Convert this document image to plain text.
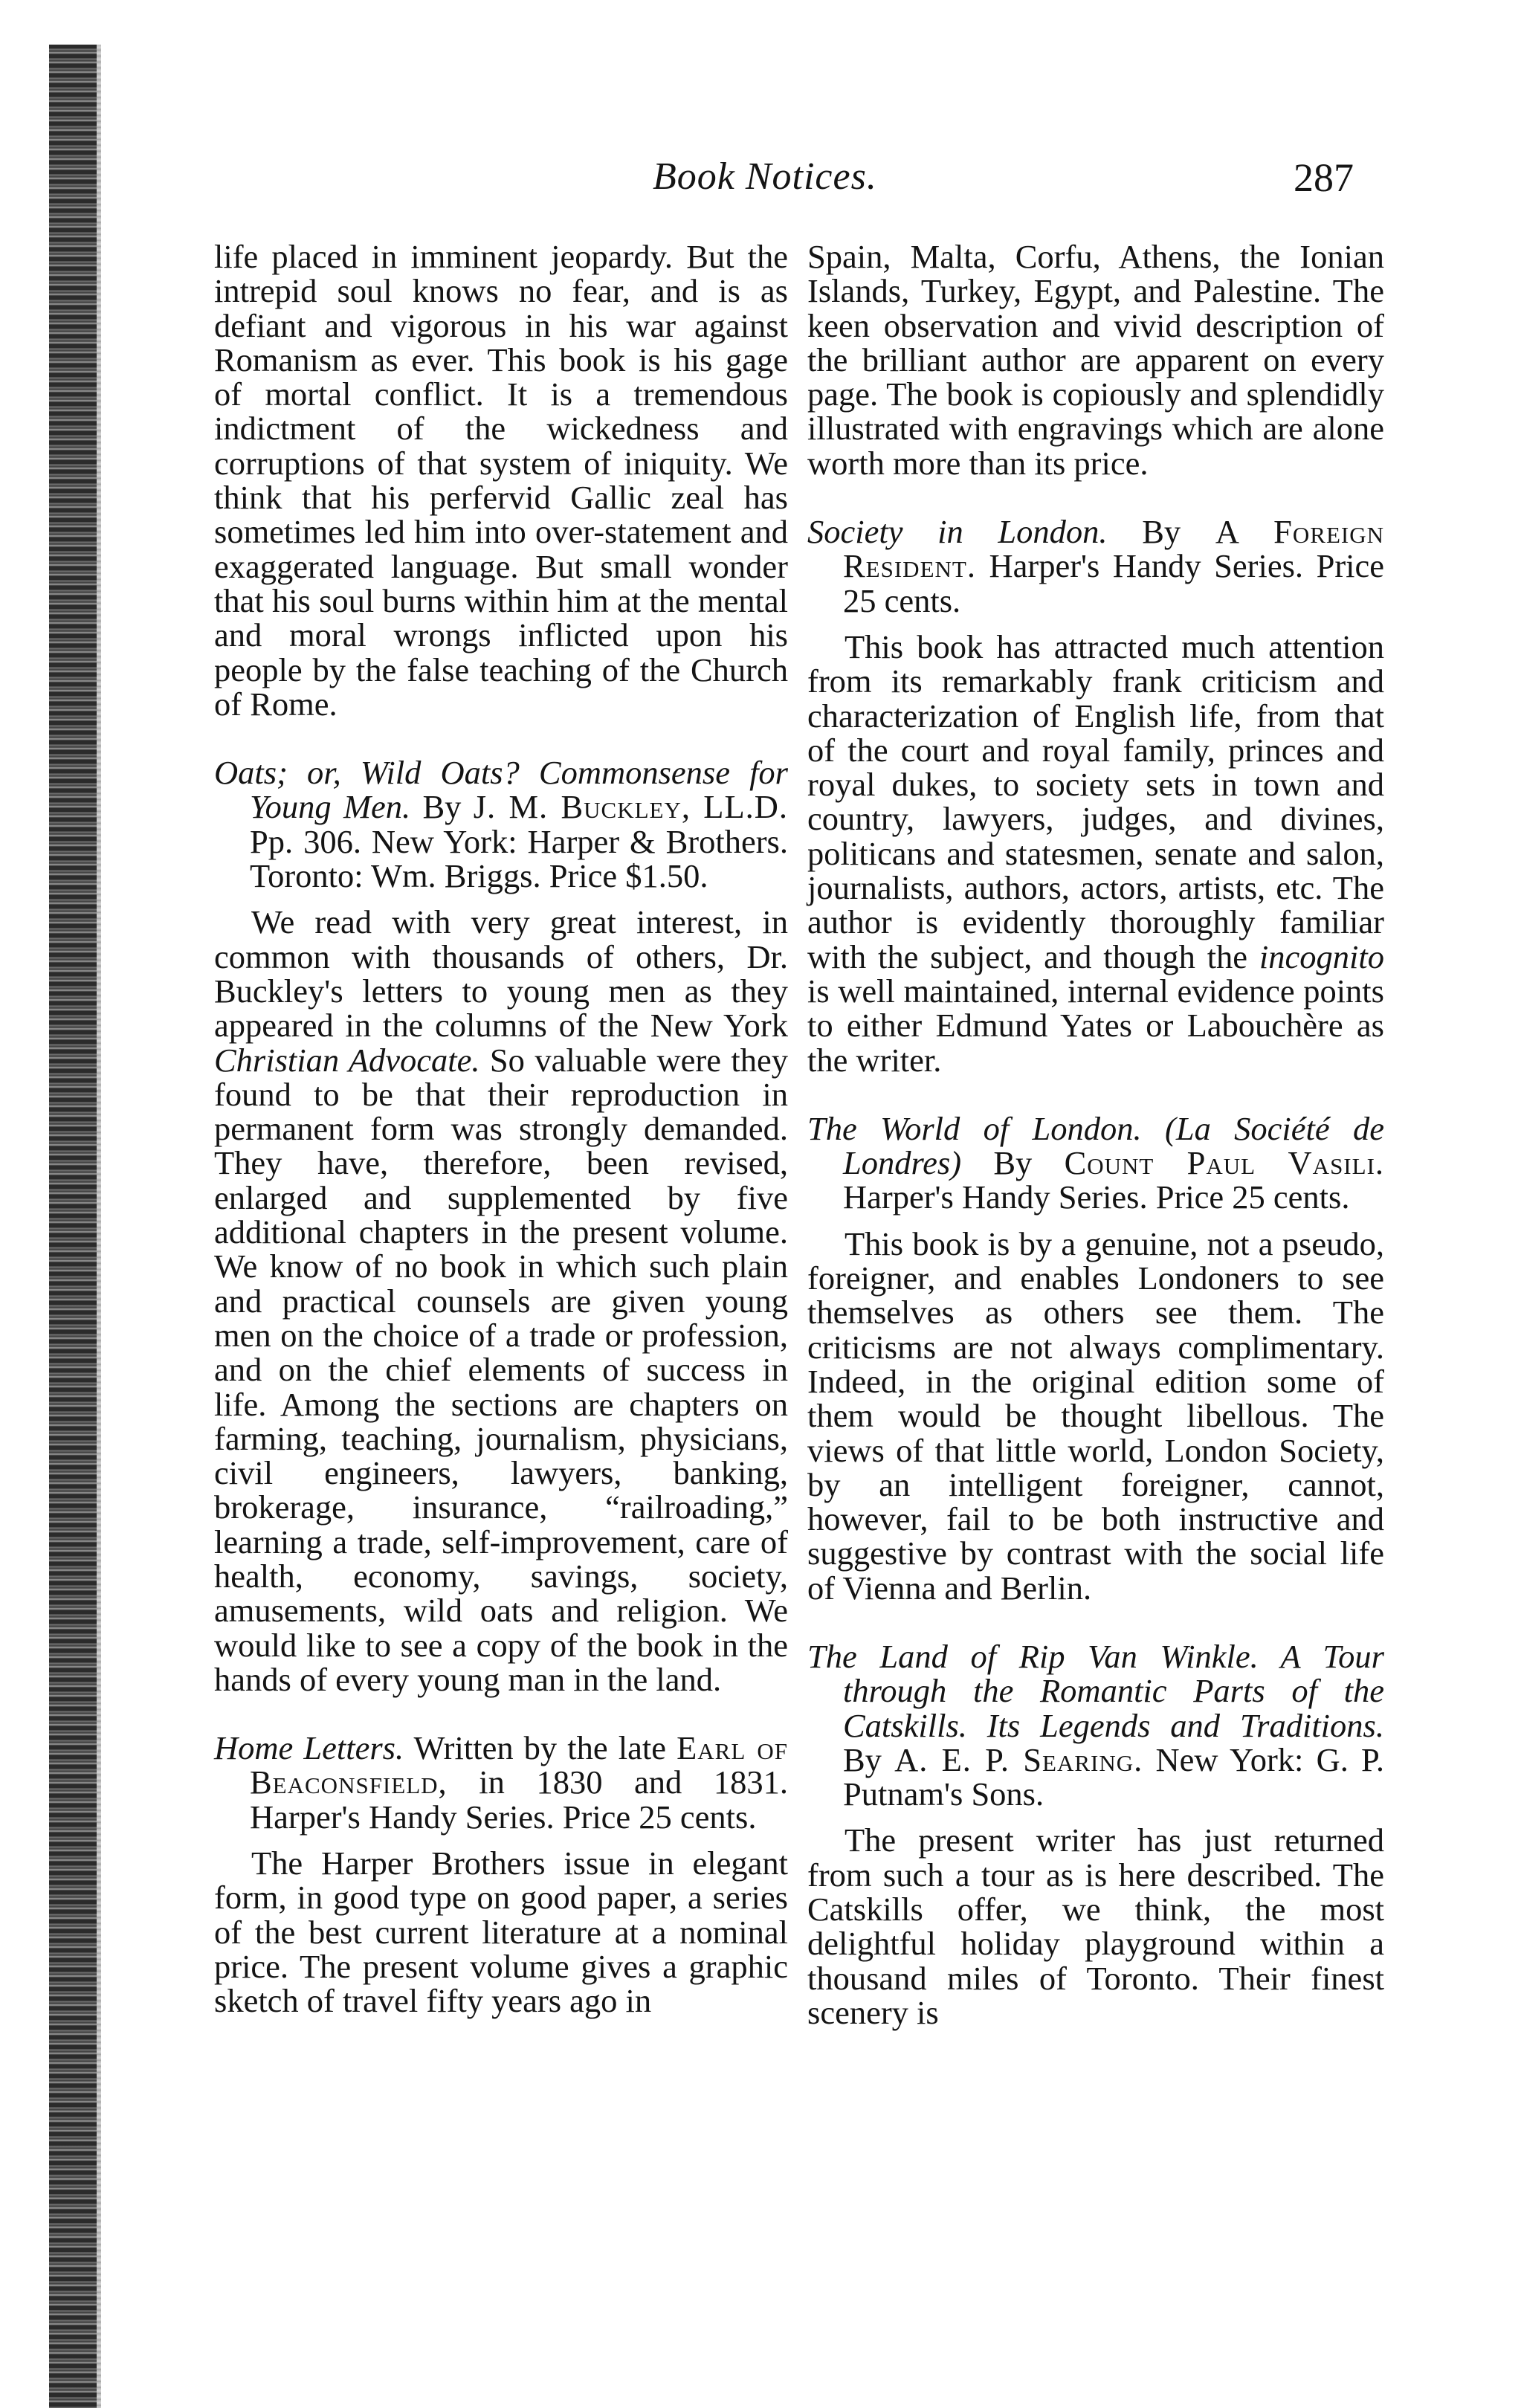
Book Notices.	287

life placed in imminent jeopardy. But the intrepid soul knows no fear, and is as defiant and vigorous in his war against Romanism as ever. This book is his gage of mortal conflict. It is a tremendous indictment of the wickedness and corruptions of that system of iniquity. We think that his perfervid Gallic zeal has sometimes led him into over-statement and exaggerated language. But small wonder that his soul burns within him at the mental and moral wrongs inflicted upon his people by the false teaching of the Church of Rome.

Oats; or, Wild Oats? Commonsense for Young Men. By J. M. Buckley, LL.D. Pp. 306. New York: Harper & Brothers. Toronto: Wm. Briggs. Price $1.50.

We read with very great interest, in common with thousands of others, Dr. Buckley's letters to young men as they appeared in the columns of the New York Christian Advocate. So valuable were they found to be that their reproduction in permanent form was strongly demanded. They have, therefore, been revised, enlarged and supplemented by five additional chapters in the present volume. We know of no book in which such plain and practical counsels are given young men on the choice of a trade or profession, and on the chief elements of success in life. Among the sections are chapters on farming, teaching, journalism, physicians, civil engineers, lawyers, banking, brokerage, insurance, “railroading,” learning a trade, self-improvement, care of health, economy, savings, society, amusements, wild oats and religion. We would like to see a copy of the book in the hands of every young man in the land.

Home Letters. Written by the late Earl of Beaconsfield, in 1830 and 1831. Harper's Handy Series. Price 25 cents.

The Harper Brothers issue in elegant form, in good type on good paper, a series of the best current literature at a nominal price. The present volume gives a graphic sketch of travel fifty years ago in

Spain, Malta, Corfu, Athens, the Ionian Islands, Turkey, Egypt, and Palestine. The keen observation and vivid description of the brilliant author are apparent on every page. The book is copiously and splendidly illustrated with engravings which are alone worth more than its price.

Society in London. By A Foreign Resident. Harper's Handy Series. Price 25 cents.

This book has attracted much attention from its remarkably frank criticism and characterization of English life, from that of the court and royal family, princes and royal dukes, to society sets in town and country, lawyers, judges, and divines, politicans and statesmen, senate and salon, journalists, authors, actors, artists, etc. The author is evidently thoroughly familiar with the subject, and though the incognito is well maintained, internal evidence points to either Edmund Yates or Labouchère as the writer.

The World of London. (La Société de Londres) By Count Paul Vasili. Harper's Handy Series. Price 25 cents.

This book is by a genuine, not a pseudo, foreigner, and enables Londoners to see themselves as others see them. The criticisms are not always complimentary. Indeed, in the original edition some of them would be thought libellous. The views of that little world, London Society, by an intelligent foreigner, cannot, however, fail to be both instructive and suggestive by contrast with the social life of Vienna and Berlin.

The Land of Rip Van Winkle. A Tour through the Romantic Parts of the Catskills. Its Legends and Traditions. By A. E. P. Searing. New York: G. P. Putnam's Sons.

The present writer has just returned from such a tour as is here described. The Catskills offer, we think, the most delightful holiday playground within a thousand miles of Toronto. Their finest scenery is
